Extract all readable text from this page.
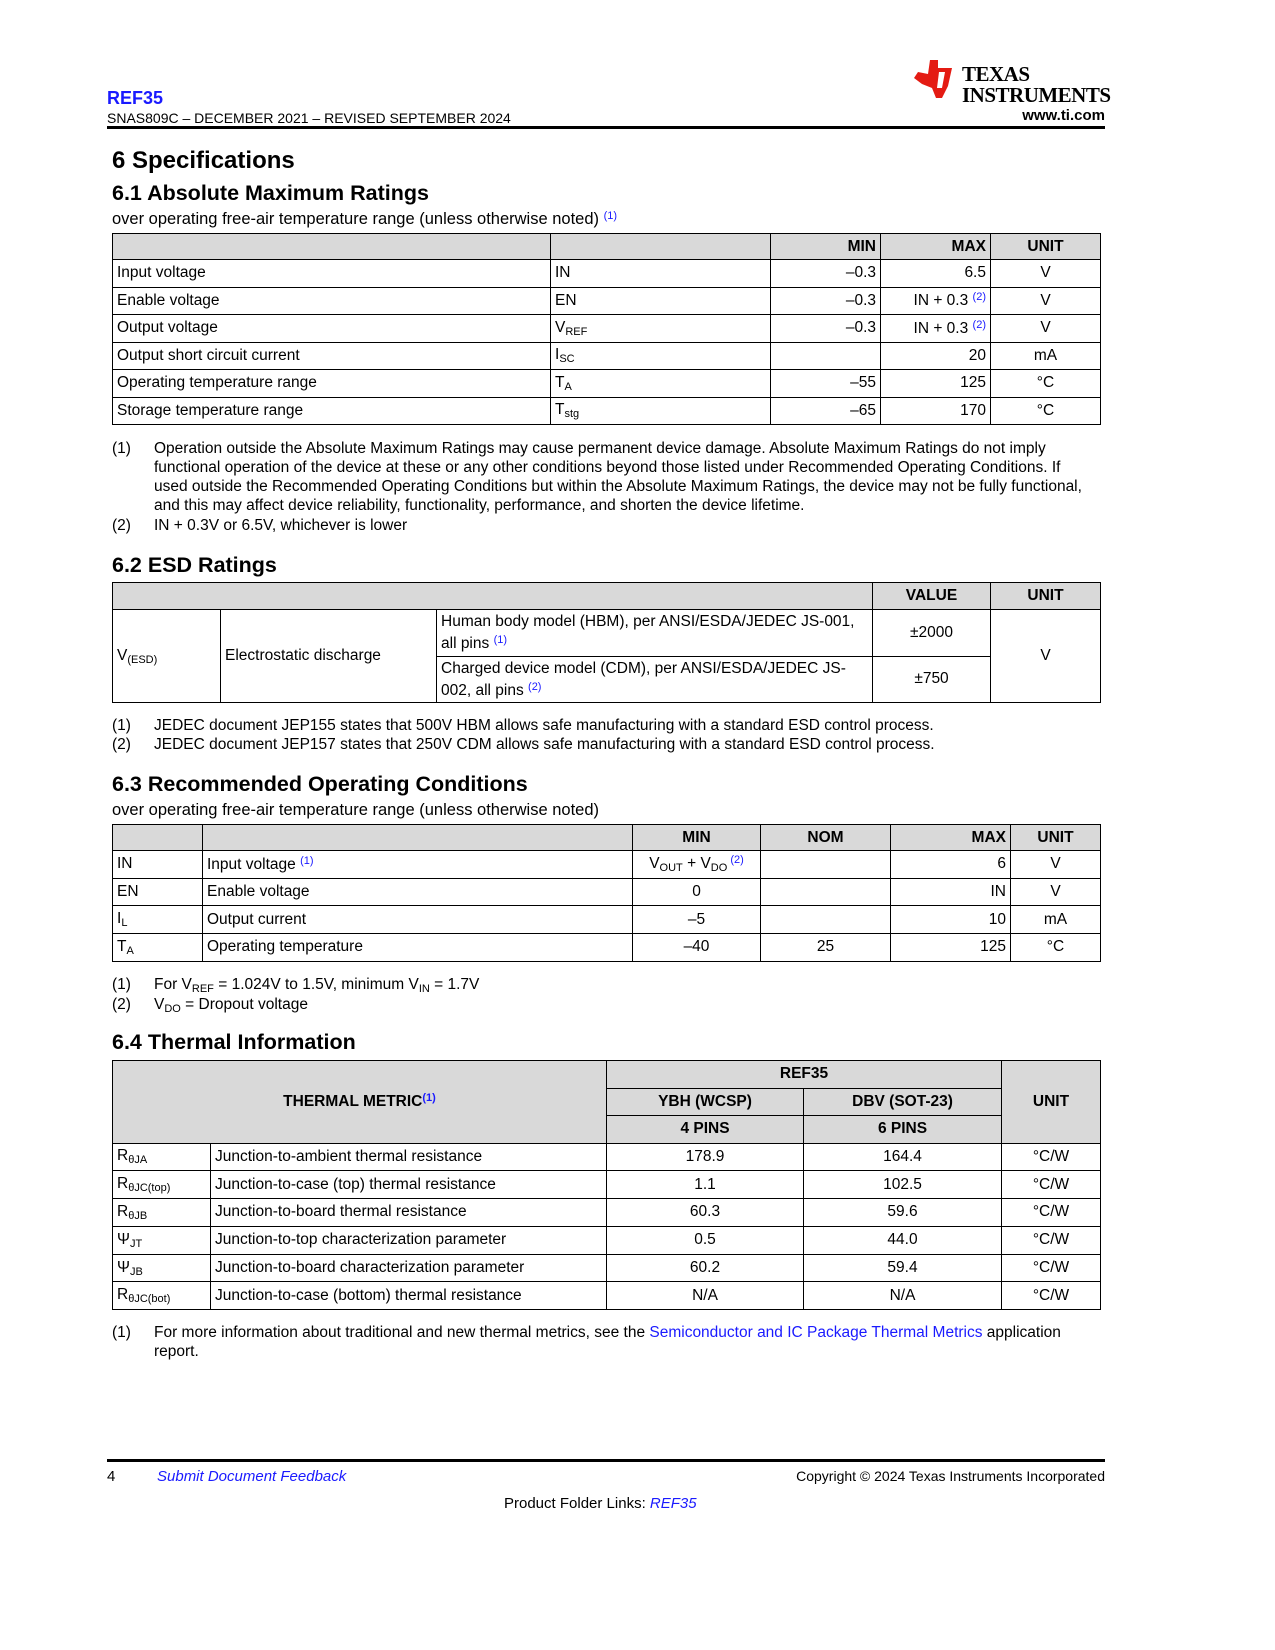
REF35
SNAS809C – DECEMBER 2021 – REVISED SEPTEMBER 2024
TEXAS
INSTRUMENTS
www.ti.com
6 Specifications
6.1 Absolute Maximum Ratings
over operating free-air temperature range (unless otherwise noted) $^{(1)}$
		MIN	MAX	UNIT
Input voltage	IN	–0.3	6.5	V
Enable voltage	EN	–0.3	IN + 0.3 $^{(2)}$	V
Output voltage	$V_{REF}$	–0.3	IN + 0.3 $^{(2)}$	V
Output short circuit current	$I_{SC}$		20	mA
Operating temperature range	$T_A$	–55	125	°C
Storage temperature range	$T_{stg}$	–65	170	°C
(1) Operation outside the Absolute Maximum Ratings may cause permanent device damage. Absolute Maximum Ratings do not imply functional operation of the device at these or any other conditions beyond those listed under Recommended Operating Conditions. If used outside the Recommended Operating Conditions but within the Absolute Maximum Ratings, the device may not be fully functional, and this may affect device reliability, functionality, performance, and shorten the device lifetime.
(2) IN + 0.3V or 6.5V, whichever is lower
6.2 ESD Ratings
			VALUE	UNIT
$V_{(ESD)}$	Electrostatic discharge	Human body model (HBM), per ANSI/ESDA/JEDEC JS-001, all pins $^{(1)}$	±2000	V
		Charged device model (CDM), per ANSI/ESDA/JEDEC JS-002, all pins $^{(2)}$	±750	
(1) JEDEC document JEP155 states that 500V HBM allows safe manufacturing with a standard ESD control process.
(2) JEDEC document JEP157 states that 250V CDM allows safe manufacturing with a standard ESD control process.
6.3 Recommended Operating Conditions
over operating free-air temperature range (unless otherwise noted)
		MIN	NOM	MAX	UNIT
IN	Input voltage $^{(1)}$	$V_{OUT} + V_{DO}$ $^{(2)}$		6	V
EN	Enable voltage	0		IN	V
$I_L$	Output current	–5		10	mA
$T_A$	Operating temperature	–40	25	125	°C
(1) For $V_{REF} = 1.024V$ to 1.5V, minimum $V_{IN} = 1.7V$
(2) $V_{DO}$ = Dropout voltage
6.4 Thermal Information
THERMAL METRIC$^{(1)}$		REF35		UNIT
		YBH (WCSP)	DBV (SOT-23)	
		4 PINS	6 PINS	
$R_{\theta JA}$	Junction-to-ambient thermal resistance	178.9	164.4	°C/W
$R_{\theta JC(top)}$	Junction-to-case (top) thermal resistance	1.1	102.5	°C/W
$R_{\theta JB}$	Junction-to-board thermal resistance	60.3	59.6	°C/W
$\Psi_{JT}$	Junction-to-top characterization parameter	0.5	44.0	°C/W
$\Psi_{JB}$	Junction-to-board characterization parameter	60.2	59.4	°C/W
$R_{\theta JC(bot)}$	Junction-to-case (bottom) thermal resistance	N/A	N/A	°C/W
(1) For more information about traditional and new thermal metrics, see the Semiconductor and IC Package Thermal Metrics application report.
4	Submit Document Feedback	Copyright © 2024 Texas Instruments Incorporated
Product Folder Links: REF35
